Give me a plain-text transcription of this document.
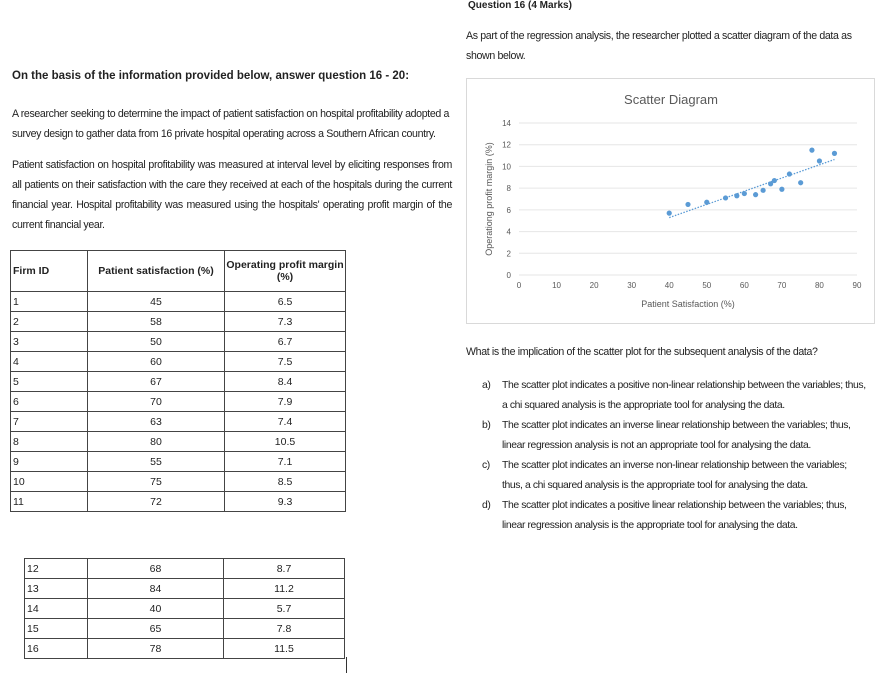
Question 16 (4 Marks)
On the basis of the information provided below, answer question 16 - 20:
A researcher seeking to determine the impact of patient satisfaction on hospital profitability adopted a survey design to gather data from 16 private hospital operating across a Southern African country.
Patient satisfaction on hospital profitability was measured at interval level by eliciting responses from all patients on their satisfaction with the care they received at each of the hospitals during the current financial year. Hospital profitability was measured using the hospitals' operating profit margin of the current financial year.
Firm ID	Patient satisfaction (%)	Operating profit margin (%)
1	45	6.5
2	58	7.3
3	50	6.7
4	60	7.5
5	67	8.4
6	70	7.9
7	63	7.4
8	80	10.5
9	55	7.1
10	75	8.5
11	72	9.3
12	68	8.7
13	84	11.2
14	40	5.7
15	65	7.8
16	78	11.5
As part of the regression analysis, the researcher plotted a scatter diagram of the data as shown below.
0
2
4
6
8
10
12
14
0	10	20	30	40	50	60	70	80	90
Scatter Diagram
Patient Satisfaction (%)
Operationg profit margin (%)
What is the implication of the scatter plot for the subsequent analysis of the data?
a) The scatter plot indicates a positive non-linear relationship between the variables; thus,
a chi squared analysis is the appropriate tool for analysing the data.
b) The scatter plot indicates an inverse linear relationship between the variables; thus,
linear regression analysis is not an appropriate tool for analysing the data.
c) The scatter plot indicates an inverse non-linear relationship between the variables;
thus, a chi squared analysis is the appropriate tool for analysing the data.
d) The scatter plot indicates a positive linear relationship between the variables; thus,
linear regression analysis is the appropriate tool for analysing the data.
